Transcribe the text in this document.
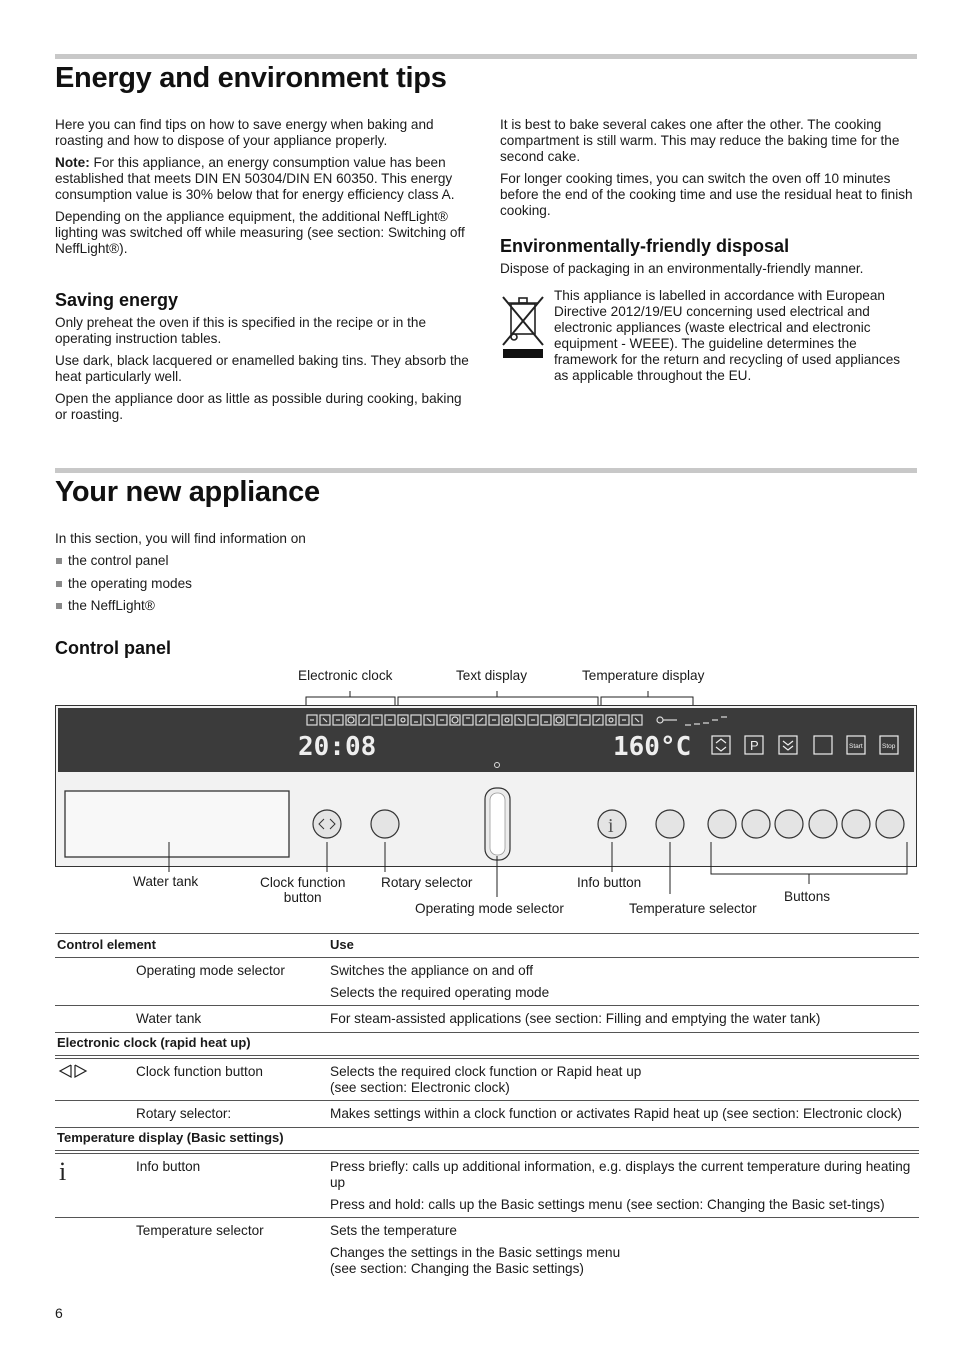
Energy and environment tips

Here you can find tips on how to save energy when baking and roasting and how to dispose of your appliance properly.

Note: For this appliance, an energy consumption value has been established that meets DIN EN 50304/DIN EN 60350. This energy consumption value is 30% below that for energy efficiency class A.

Depending on the appliance equipment, the additional NeffLight® lighting was switched off while measuring (see section: Switching off NeffLight®).

Saving energy

Only preheat the oven if this is specified in the recipe or in the operating instruction tables.

Use dark, black lacquered or enamelled baking tins. They absorb the heat particularly well.

Open the appliance door as little as possible during cooking, baking or roasting.

It is best to bake several cakes one after the other. The cooking compartment is still warm. This may reduce the baking time for the second cake.

For longer cooking times, you can switch the oven off 10 minutes before the end of the cooking time and use the residual heat to finish cooking.

Environmentally-friendly disposal
Dispose of packaging in an environmentally-friendly manner.
This appliance is labelled in accordance with European Directive 2012/19/EU concerning used electrical and electronic appliances (waste electrical and electronic equipment - WEEE). The guideline determines the framework for the return and recycling of used appliances as applicable throughout the EU.
Your new appliance
In this section, you will find information on
the control panel
the operating modes
the NeffLight®
Control panel
Electronic clock	Text display	Temperature display
20:08	160°C	P	Start	Stop
i
Water tank	Clock function
button
Rotary selector
Operating mode selector
Info button
Temperature selector
Buttons
Control element	Use
Operating mode selector	Switches the appliance on and off

Selects the required operating mode

Water tank	For steam-assisted applications (see section: Filling and emptying the water tank)

Electronic clock (rapid heat up)
Clock function button	Selects the required clock function or Rapid heat up
(see section: Electronic clock)

Rotary selector:	Makes settings within a clock function or activates Rapid heat up (see section: Electronic clock)

Temperature display (Basic settings)
i	Info button	Press briefly: calls up additional information, e.g. displays the current temperature during heating up

Press and hold: calls up the Basic settings menu (see section: Changing the Basic set-tings)

Temperature selector	Sets the temperature

Changes the settings in the Basic settings menu
(see section: Changing the Basic settings)

6
